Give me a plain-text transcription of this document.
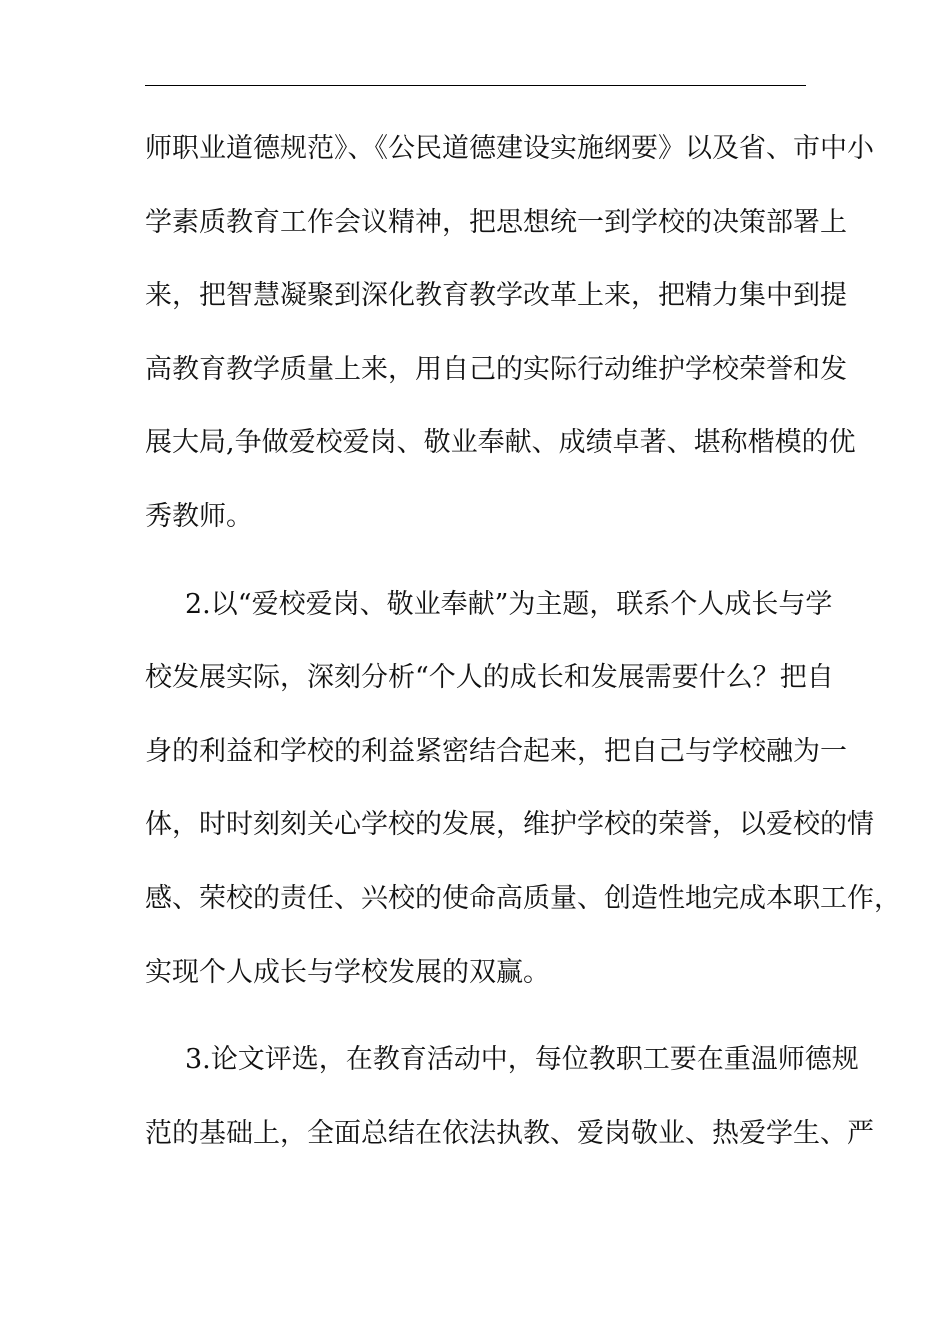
师职业道德规范》、《公民道德建设实施纲要》以及省、市中小
学素质教育工作会议精神，把思想统一到学校的决策部署上
来，把智慧凝聚到深化教育教学改革上来，把精力集中到提
高教育教学质量上来，用自己的实际行动维护学校荣誉和发
展大局,争做爱校爱岗、敬业奉献、成绩卓著、堪称楷模的优
秀教师。
2.以“爱校爱岗、敬业奉献”为主题，联系个人成长与学
校发展实际，深刻分析“个人的成长和发展需要什么？把自
身的利益和学校的利益紧密结合起来，把自己与学校融为一
体，时时刻刻关心学校的发展，维护学校的荣誉，以爱校的情
感、荣校的责任、兴校的使命高质量、创造性地完成本职工作，
实现个人成长与学校发展的双赢。
3.论文评选，在教育活动中，每位教职工要在重温师德规
范的基础上，全面总结在依法执教、爱岗敬业、热爱学生、严
